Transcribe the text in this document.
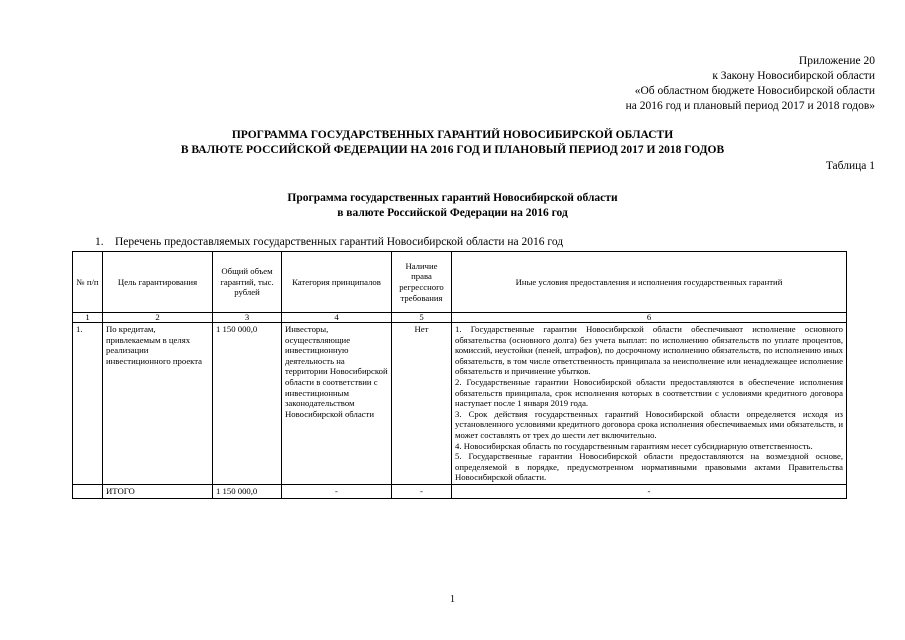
Приложение 20
к Закону Новосибирской области
«Об областном бюджете Новосибирской области
на 2016 год и плановый период 2017 и 2018 годов»
ПРОГРАММА ГОСУДАРСТВЕННЫХ ГАРАНТИЙ НОВОСИБИРСКОЙ ОБЛАСТИ
В ВАЛЮТЕ РОССИЙСКОЙ ФЕДЕРАЦИИ НА 2016 ГОД И ПЛАНОВЫЙ ПЕРИОД 2017 И 2018 ГОДОВ
Таблица 1
Программа государственных гарантий Новосибирской области
в валюте Российской Федерации на 2016 год
1. Перечень предоставляемых государственных гарантий Новосибирской области на 2016 год
№ п/п	Цель гарантирования	Общий объем гарантий, тыс. рублей	Категория принципалов	Наличие права регрессного требования	Иные условия предоставления и исполнения государственных гарантий
1	2	3	4	5	6
1.	По кредитам, привлекаемым в целях реализации инвестиционного проекта	1 150 000,0	Инвесторы, осуществляющие инвестиционную деятельность на территории Новосибирской области в соответствии с инвестиционным законодательством Новосибирской области	Нет	1. Государственные гарантии Новосибирской области обеспечивают исполнение основного обязательства (основного долга) без учета выплат: по исполнению обязательств по уплате процентов, комиссий, неустойки (пеней, штрафов), по досрочному исполнению обязательств, по исполнению иных обязательств, в том числе ответственность принципала за неисполнение или ненадлежащее исполнение обязательств и причинение убытков.

2. Государственные гарантии Новосибирской области предоставляются в обеспечение исполнения обязательств принципала, срок исполнения которых в соответствии с условиями кредитного договора наступает после 1 января 2019 года.

3. Срок действия государственных гарантий Новосибирской области определяется исходя из установленного условиями кредитного договора срока исполнения обеспечиваемых ими обязательств, и может составлять от трех до шести лет включительно.

4. Новосибирская область по государственным гарантиям несет субсидиарную ответственность.

5. Государственные гарантии Новосибирской области предоставляются на возмездной основе, определяемой в порядке, предусмотренном нормативными правовыми актами Правительства Новосибирской области.

	ИТОГО	1 150 000,0	-	-	-
1
